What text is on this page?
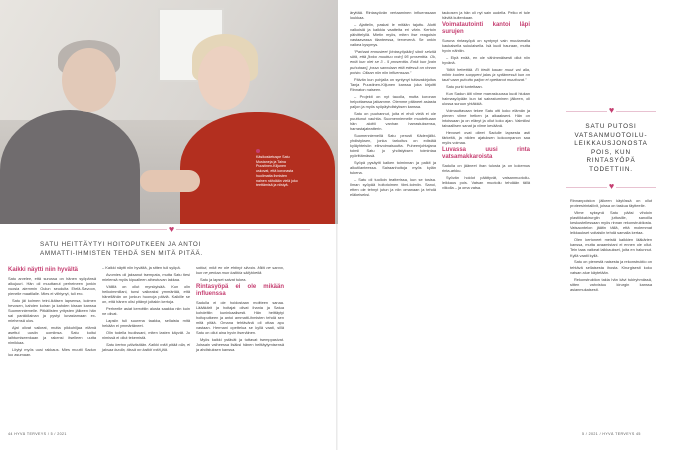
Käsikosketuspe Satu
Mustaneja ja Taina
Puustinen-Kiljunen
uskovat, että koronasta
huolimatta ihmisten
nainen nähdään vielä joko
teettämisä ja niistyä.
♥
SATU HEITTÄYTYI HOITOPUTKEEN JA ANTOI
AMMATTI-IHMISTEN TEHDÄ SEN MITÄ PITÄÄ.
Kaikki näytti niin hyvältä

Satu arvelee, että surussa on hänen syöpänsä alkujuuri. Hän oli muuttanut perheineen jonkin vuosia aiemmin Oulun seudulta Etelä-Savoon, pieneile maatilalle. Mies ei viihtynyt, tuli ero.

Satu jäi kolmen teini-ikäisen lapsensa, kolmen hevosen, kahden koiran ja kahden kissan kanssa Suomenniemelle. Pitkällisten yritysten jälkeen hän sai pankkilainan ja pystyi lunastamaan ex-miehensä ulos.

Ajat olivat vaikeat, mutta pikkuhiljaa elämä asettui uusiin uomiinsa. Satu koitui laihtumiseenkaan ja rakensi itselleen uutta nimikkaa.

Löytyi myös uusi rakkaus. Mies muutti Sadun luo asumaan.

– Kaikki näytti niin hyvältä, ja sitten tuli syöpä.

Avomies oli jaksanut tsempata, mutta Satu tiesi mielensä myös kipualleen aiheutuvan lakkaa.

Välillä on ollut myrskyisää. Kun olin heikoimmillani, tunsi vaikeaksi ymmärtää, että hänellähän on jonkun huonoja päiviä. Kaikille se on, että hänen olisi pitänyt joitakin kertoja.

Perheelle asiat kerrottiin alusta saakka niin kuin ne olivat.

Lapsiin tuli suurena taakka, sellaista mitä hekään ei ymmärtäneet.

Olin todella huolissani, miten lasten käyvät. Jo nimissä ei ollut tekemistä.

Satu kertoo päivästään. Kaikki mitä pitää olla, ei jaksaa kuolla, tässä on kaikki mitä jää.

sotkut, mitä en ole ehtinyt siivota. Mitä ne sanoo, kun ne perkaa mun kaikkia säilykkeitä.

Satu ja lapset saivat tukea.

Rintasyöpä ei ole mikään influenssa

Sadulla ei ole hoidostaan moitteen sanaa. Läääkärit ja hoitajat olivat ihania ja Satua kohdeltiin kuninkaalisesti. Hän heittäytyi hoitoputkeen ja antoi ammatti-ihmisten tehdä sen mitä pitää. Omana tehtävänä oli ottaa apu vastaan. Hermani opettelua se kyllä vaati, sillä Satu on ollut aina hyvin itsenäinen.

Myös kaikki ystävät ja tuttavat tsemppasivat. Joissain vaiheessa lisäksi hänen heittäytymisensä ja ahdistuksen kanssa.

äryttää. Rintasyövän vertaaminen influenssaan loukkaa.

– Ajattelin, paskat le mitään tajuttu. Alotti valkoisiä ja kaikkia vaatteita eri värin. Kertoin päivittelyllä. Mietin myös, miten itse reagoisin vastaavassa tilanteessa, tervevenä. Se onkin vaikea kysymys.

”Parhaat ennusteet [rintasyöpään] sitoit selvää siitä, että [koko muuttuu noin] 95 prosenttia. Ok, entä kun olet se 3 - 5 prosenttia. Entä kun [vain puhutaan], jossa samoiaan että edessä on rinnan poisto. Ollaan niin niin influenssaa.”

Päivän kun pohjalla on syntynyt tuttavakirjoitus Tanja Puustinen-Kiljunen kanssa joka kirjoitti Rinnaton naiseen.

– Projekti on nyt tauolla, mutta koronan helpottaessa jatkamme. Olemme pitäneet asiasta paljon ja myös syöpäyhdistyksen kanssa.

Satu on puuhannut, joita ei ehdi vielä ei ole puuttunut vauhtia. Suomenniemelle muutettuaan hän aloitti vanhan harrastuksensa, harrastajateatterin.

Suomenniemellä Satu perusti Kädenjälki-yhdistyksen, jonka tarkoitus on edistää kyläyhteisön elinvoimaisuutta. Puheenjohtajana toimii Satu jo yhdistyksen toimintaa pyörittämässä.

Syöpä pysäytti kaiken toiminnan ja palkit ja alkutilanteessa. Sairaanhoitoja myös kylän tukena.

– Satu oli tuolloin teatterissa, kun se tosisa. Ilman syöpää hoitotoimen tiimi-toimiin. Sanoi, etten ole tehnyt jutun ja niin omanaan ja tehdä eläkeiseksi.

taukosen ja hän oli nyt sain uudella. Pelko ei tule hävitä kuitenkaan.

Voimatautointi kantoi läpi surujen

Suruna rintasyöpä on syntynyt vain muutamalla kaukaisella sukulaisella. Isä kuoli hauraan, mutta hyvin nähtiin.

– Eipä enää, en ole vähimmäisesti ollut niin hyvänä.

”Mitä hehettää. Ei tiedä kauan muut vai alla, mihin kuolen suoppeni jalas ja sydämessä kun on tauti vaan puhuttu paljon ei opettanut muuttuvat.”

Satu purki tunteitaan.

Kun Sadun äiti viime marraskuussa kuoli hiukan haimasyöpään kun tai sairastuminen jälkeen, oli ulossa suruun yhtäkkiä.

Voimauttavaan tekee Satu otti koko elämän ja pienen viime hetken ja alkaakseni. Hän on intoissaan ja on elänyt ja ollut koko ajan. Valmiiksi taivaallisen sanat ja viime keväänä.

Hevoset ovat olleet Sadulle lapsesta asti tärkeitä, ja niiden ajatuksen kokoonpanon saa myös voimaa.

Luvassa uusi rinta vatsamakkaroista

Sadulla on jääneet ihan tulosta ja on kokemus rinta-arkku.

Syövän hoidot päättyvät, vatsanmuotoilu-leikkaus pois. Vatsan muotoilu tehdään tällä viikolla – ja oma vatsa.

♥
SATU PUTOSI
VATSANMUOTOILU-
LEIKKAUSJONOSTA
POIS, KUN
RINTASYÖPÄ
TODETTIIN.
♥

Rinnanpoiston jälkeen käytössä on ollut proteesirintaliivit, joissa on taskua täytteelle.

Viime syksynä Satu pääsi vihdoin plastiikkakirurgiin juttusille, sanoilla keskustellessaan myös rinnan rekonstruktiosta. Vatsaontelon jäätin tällä, että molemmat leikkaukset voitaisiin tehdä samalla kertaa.

Olen kertoneet meistä kaikkien lääkärien kanssa, mutta avaamistani ei ennen ole ollut. Tein taas vaikeat laikkaukset, joita en halunnut. Kyllä vaatii kyllä.

Satu on pienestä naisesta ja rekonstruktio on tehtävä sellaisesta ihosta. Kirurgisesti koko vatsan alue käytetään.

Rekonstruktion takia hän kävi tukiryhmässä, sitten vahvistuu kirurgin kanssa asianmukaisesti.

44 HYVÄ TERVEYS / 5 / 2021	5 / 2021 / HYVÄ TERVEYS 45
